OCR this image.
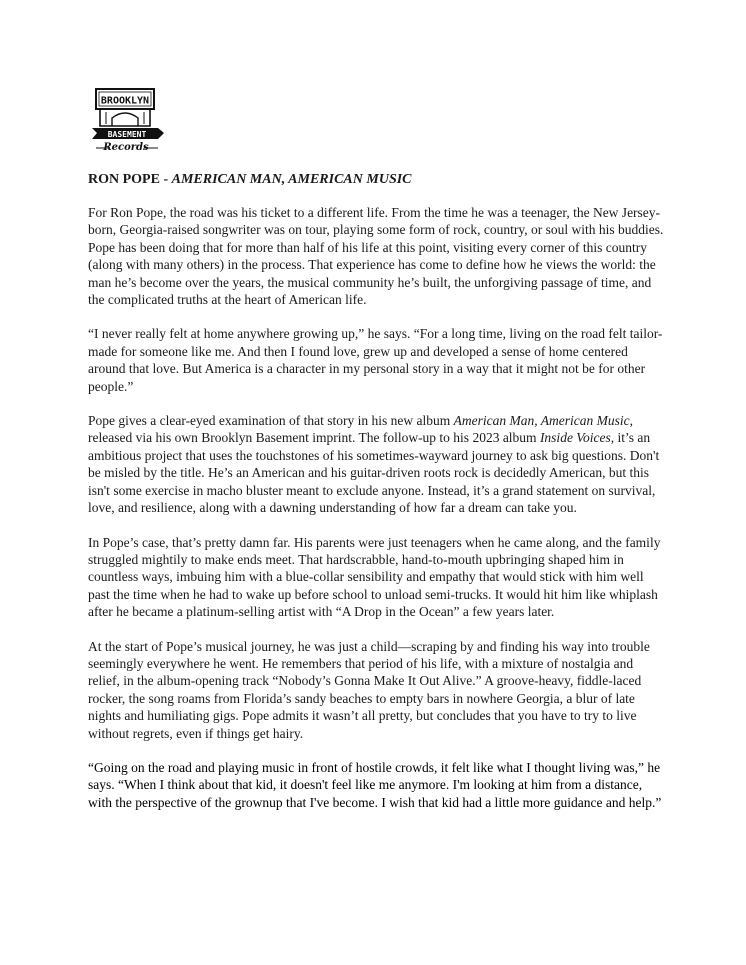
BROOKLYN
BASEMENT
Records
RON POPE - AMERICAN MAN, AMERICAN MUSIC

For Ron Pope, the road was his ticket to a different life. From the time he was a teenager, the New Jersey-born, Georgia-raised songwriter was on tour, playing some form of rock, country, or soul with his buddies. Pope has been doing that for more than half of his life at this point, visiting every corner of this country (along with many others) in the process. That experience has come to define how he views the world: the man he’s become over the years, the musical community he’s built, the unforgiving passage of time, and the complicated truths at the heart of American life.

“I never really felt at home anywhere growing up,” he says. “For a long time, living on the road felt tailor-made for someone like me. And then I found love, grew up and developed a sense of home centered around that love. But America is a character in my personal story in a way that it might not be for other people.”

Pope gives a clear-eyed examination of that story in his new album American Man, American Music, released via his own Brooklyn Basement imprint. The follow-up to his 2023 album Inside Voices, it’s an ambitious project that uses the touchstones of his sometimes-wayward journey to ask big questions. Don't be misled by the title. He’s an American and his guitar-driven roots rock is decidedly American, but this isn't some exercise in macho bluster meant to exclude anyone. Instead, it’s a grand statement on survival, love, and resilience, along with a dawning understanding of how far a dream can take you.

In Pope’s case, that’s pretty damn far. His parents were just teenagers when he came along, and the family struggled mightily to make ends meet. That hardscrabble, hand-to-mouth upbringing shaped him in countless ways, imbuing him with a blue-collar sensibility and empathy that would stick with him well past the time when he had to wake up before school to unload semi-trucks. It would hit him like whiplash after he became a platinum-selling artist with “A Drop in the Ocean” a few years later.

At the start of Pope’s musical journey, he was just a child—scraping by and finding his way into trouble seemingly everywhere he went. He remembers that period of his life, with a mixture of nostalgia and relief, in the album-opening track “Nobody’s Gonna Make It Out Alive.” A groove-heavy, fiddle-laced rocker, the song roams from Florida’s sandy beaches to empty bars in nowhere Georgia, a blur of late nights and humiliating gigs. Pope admits it wasn’t all pretty, but concludes that you have to try to live without regrets, even if things get hairy.

“Going on the road and playing music in front of hostile crowds, it felt like what I thought living was,” he says. “When I think about that kid, it doesn't feel like me anymore. I'm looking at him from a distance, with the perspective of the grownup that I've become. I wish that kid had a little more guidance and help.”
